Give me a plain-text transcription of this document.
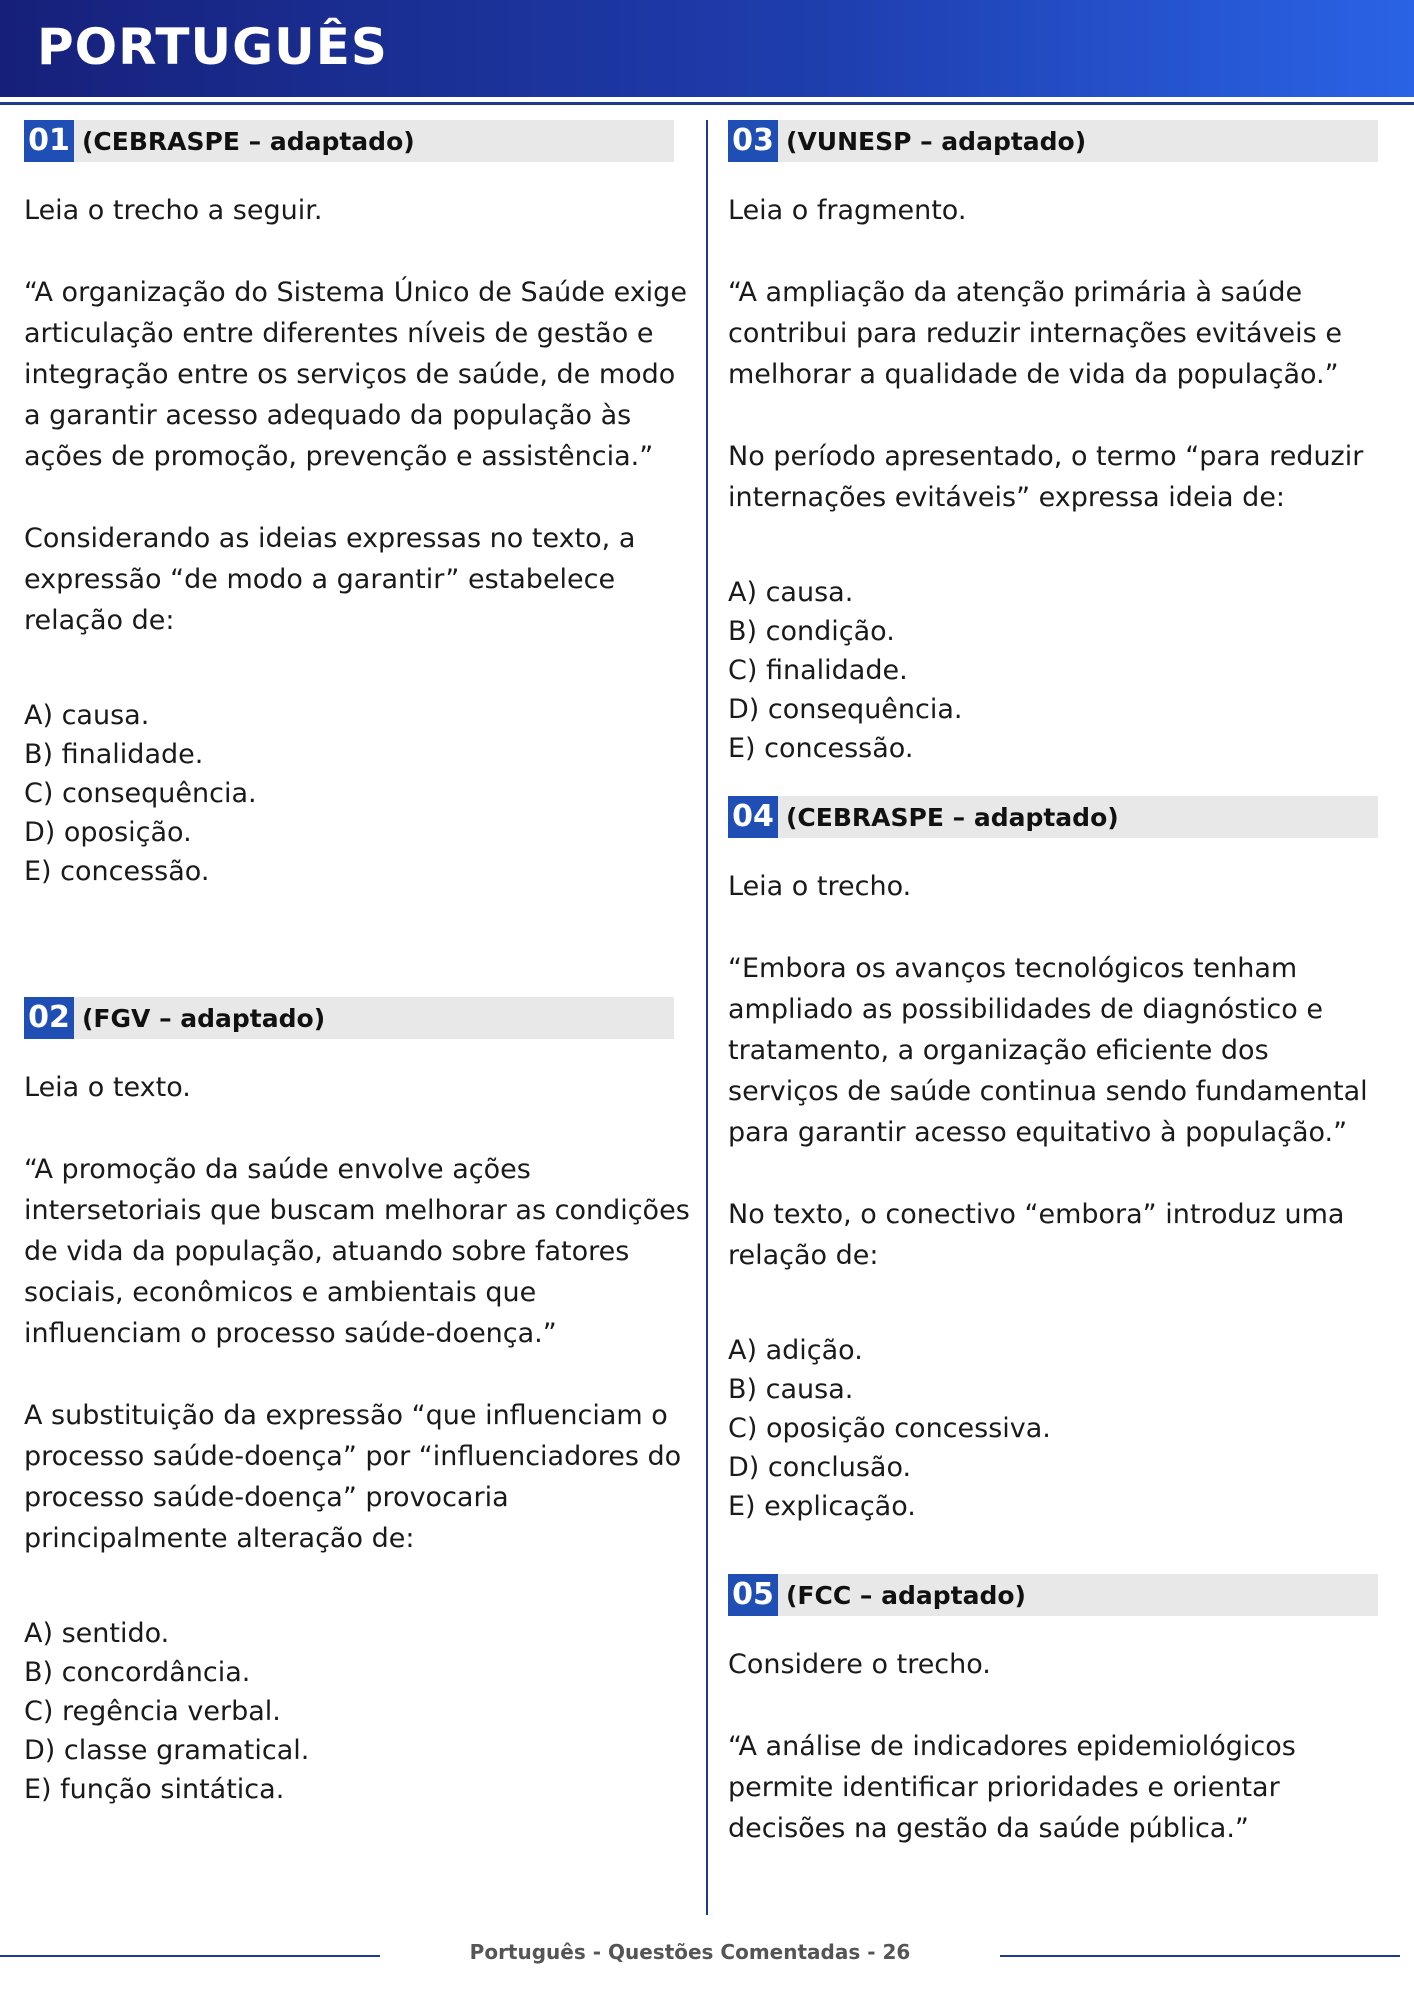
PORTUGUÊS
01 (CEBRASPE – adaptado)
Leia o trecho a seguir.
“A organização do Sistema Único de Saúde exige articulação entre diferentes níveis de gestão e integração entre os serviços de saúde, de modo a garantir acesso adequado da população às ações de promoção, prevenção e assistência.”
Considerando as ideias expressas no texto, a expressão “de modo a garantir” estabelece relação de:
A) causa.
B) finalidade.
C) consequência.
D) oposição.
E) concessão.
02 (FGV – adaptado)
Leia o texto.
“A promoção da saúde envolve ações intersetoriais que buscam melhorar as condições de vida da população, atuando sobre fatores sociais, econômicos e ambientais que influenciam o processo saúde-doença.”
A substituição da expressão “que influenciam o processo saúde-doença” por “influenciadores do processo saúde-doença” provocaria principalmente alteração de:
A) sentido.
B) concordância.
C) regência verbal.
D) classe gramatical.
E) função sintática.
03 (VUNESP – adaptado)
Leia o fragmento.
“A ampliação da atenção primária à saúde contribui para reduzir internações evitáveis e melhorar a qualidade de vida da população.”
No período apresentado, o termo “para reduzir internações evitáveis” expressa ideia de:
A) causa.
B) condição.
C) finalidade.
D) consequência.
E) concessão.
04 (CEBRASPE – adaptado)
Leia o trecho.
“Embora os avanços tecnológicos tenham ampliado as possibilidades de diagnóstico e tratamento, a organização eficiente dos serviços de saúde continua sendo fundamental para garantir acesso equitativo à população.”
No texto, o conectivo “embora” introduz uma relação de:
A) adição.
B) causa.
C) oposição concessiva.
D) conclusão.
E) explicação.
05 (FCC – adaptado)
Considere o trecho.
“A análise de indicadores epidemiológicos permite identificar prioridades e orientar decisões na gestão da saúde pública.”
Português - Questões Comentadas - 26
